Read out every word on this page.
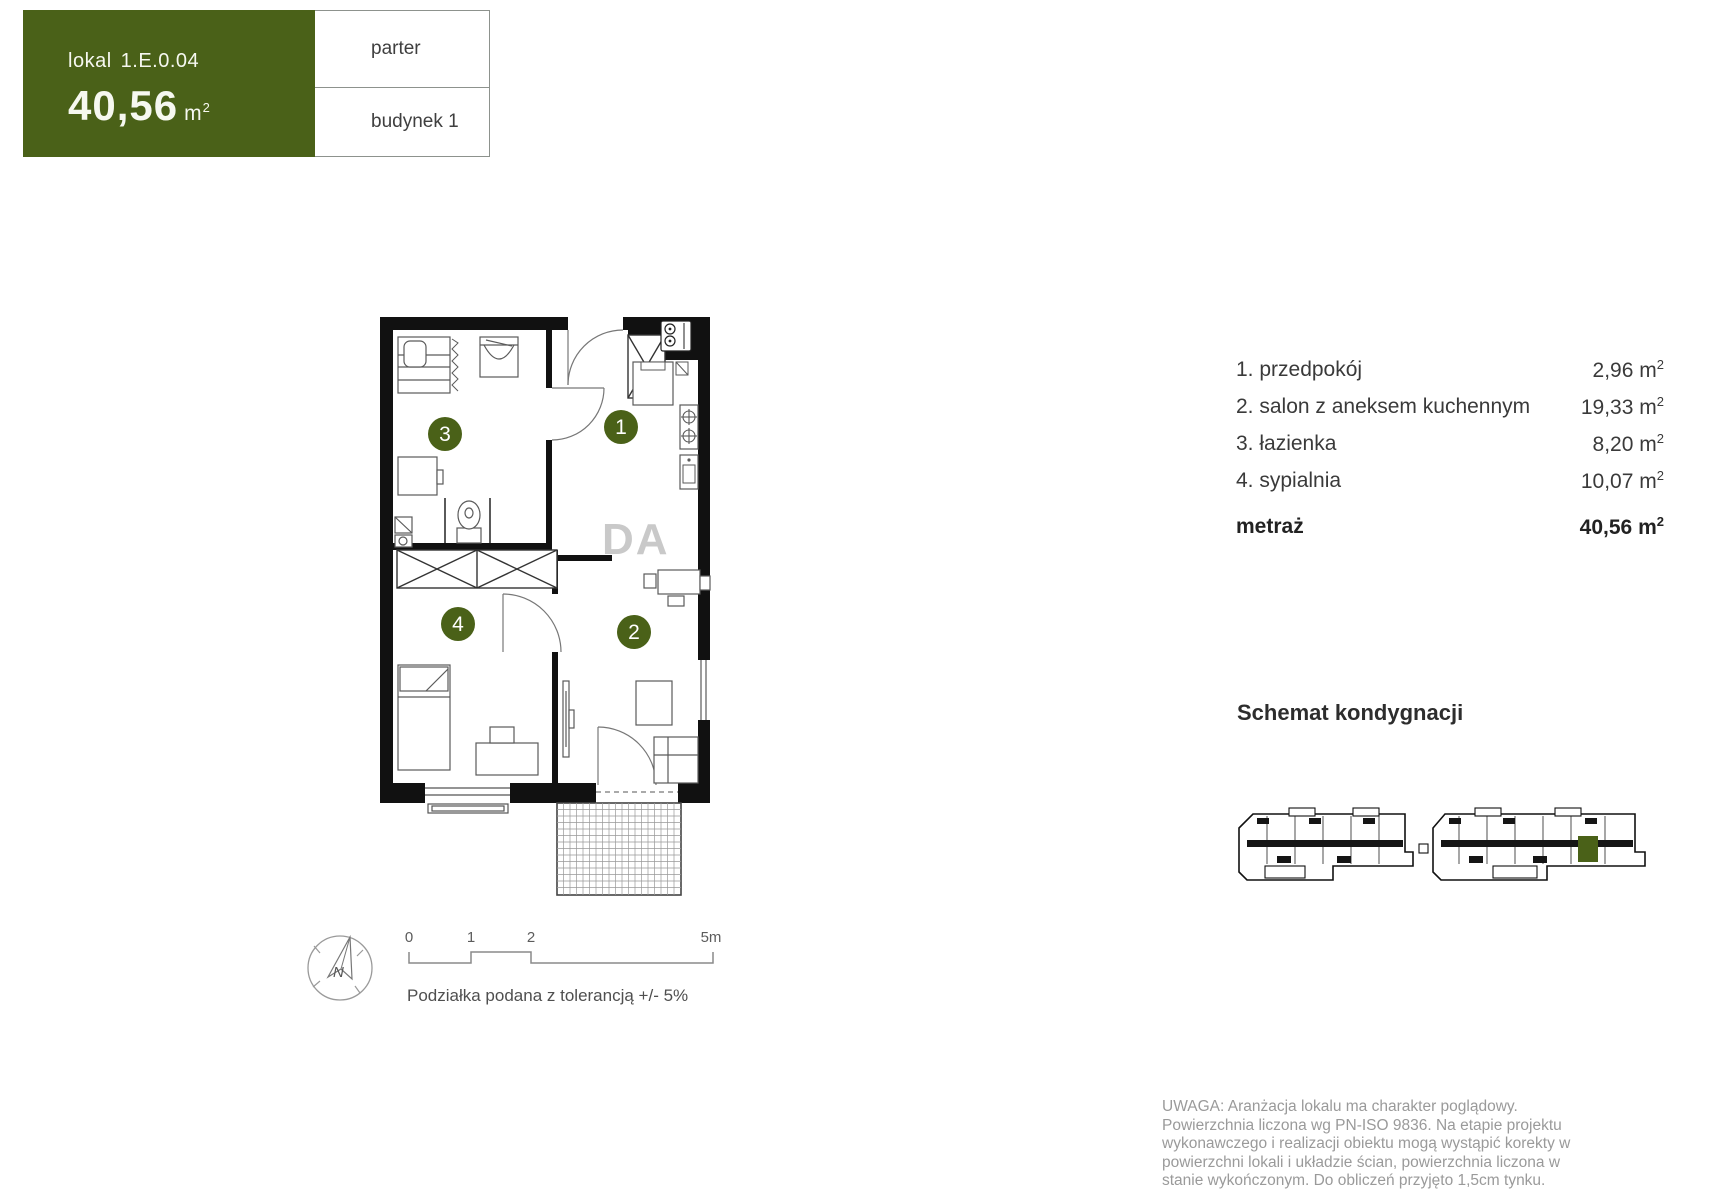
lokal 1.E.0.04
40,56 $m^2$
parter
budynek 1
1
2
3
4
DA
1. przedpokój	2,96 $m^2$
2. salon z aneksem kuchennym 19,33 $m^2$
3. łazienka	8,20 $m^2$
4. sypialnia	10,07 $m^2$
metraż	40,56 $m^2$
Schemat kondygnacji
N
0	1	2	5m
Podziałka podana z tolerancją +/- 5%
UWAGA: Aranżacja lokalu ma charakter poglądowy. Powierzchnia liczona wg PN-ISO 9836. Na etapie projektu wykonawczego i realizacji obiektu mogą wystąpić korekty w powierzchni lokali i układzie ścian, powierzchnia liczona w stanie wykończonym. Do obliczeń przyjęto 1,5cm tynku.
